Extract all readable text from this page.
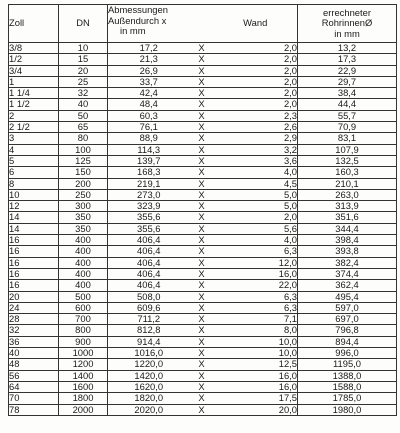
Zoll	DN	Abmessungen
Außendurch x
in mm		Wand	errechneter
RohrinnenØ
in mm

3/8	10	17,2	X	2,0	13,2
1/2	15	21,3	X	2,0	17,3
3/4	20	26,9	X	2,0	22,9
1	25	33,7	X	2,0	29,7
1 1/4	32	42,4	X	2,0	38,4
1 1/2	40	48,4	X	2,0	44,4
2	50	60,3	X	2,3	55,7
2 1/2	65	76,1	X	2,6	70,9
3	80	88,9	X	2,9	83,1
4	100	114,3	X	3,2	107,9
5	125	139,7	X	3,6	132,5
6	150	168,3	X	4,0	160,3
8	200	219,1	X	4,5	210,1
10	250	273,0	X	5,0	263,0
12	300	323,9	X	5,0	313,9
14	350	355,6	X	2,0	351,6
14	350	355,6	X	5,6	344,4
16	400	406,4	X	4,0	398,4
16	400	406,4	X	6,3	393,8
16	400	406,4	X	12,0	382,4
16	400	406,4	X	16,0	374,4
16	400	406,4	X	22,0	362,4
20	500	508,0	X	6,3	495,4
24	600	609,6	X	6,3	597,0
28	700	711,2	X	7,1	697,0
32	800	812,8	X	8,0	796,8
36	900	914,4	X	10,0	894,4
40	1000	1016,0	X	10,0	996,0
48	1200	1220,0	X	12,5	1195,0
56	1400	1420,0	X	16,0	1388,0
64	1600	1620,0	X	16,0	1588,0
70	1800	1820,0	X	17,5	1785,0
78	2000	2020,0	X	20,0	1980,0
